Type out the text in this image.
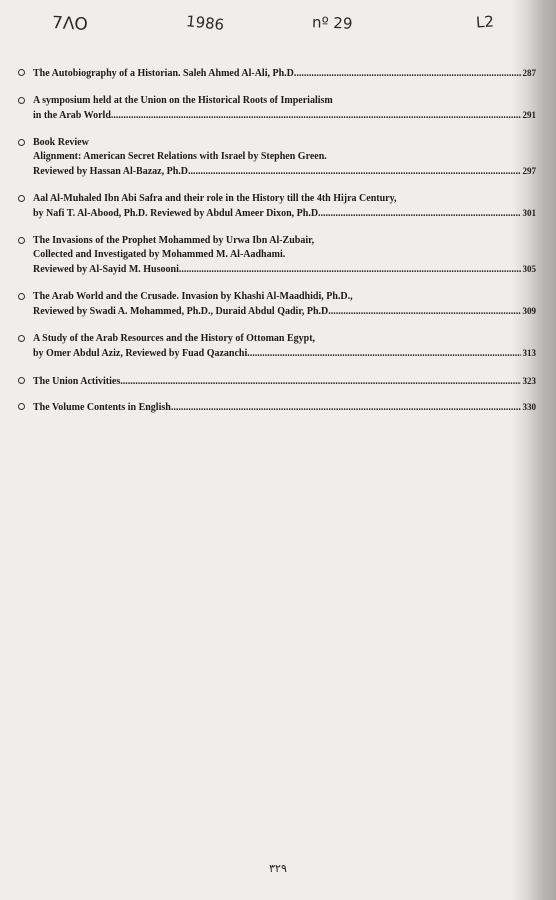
7ΛΟ	1986	nº 29	L2
The Autobiography of a Historian. Saleh Ahmed Al-Ali, Ph.D. .....	287
A symposium held at the Union on the Historical Roots of Imperialism
in the Arab World. .....	291
Book Review
Alignment: American Secret Relations with Israel by Stephen Green.
Reviewed by Hassan Al-Bazaz, Ph.D. .....	297
Aal Al-Muhaled Ibn Abi Safra and their role in the History till the 4th Hijra Century,
by Nafi T. Al-Abood, Ph.D. Reviewed by Abdul Ameer Dixon, Ph.D. .....	301
The Invasions of the Prophet Mohammed by Urwa Ibn Al-Zubair,
Collected and Investigated by Mohammed M. Al-Aadhami.
Reviewed by Al-Sayid M. Husooni. .....	305
The Arab World and the Crusade. Invasion by Khashi Al-Maadhidi, Ph.D.,
Reviewed by Swadi A. Mohammed, Ph.D., Duraid Abdul Qadir, Ph.D. .....	309
A Study of the Arab Resources and the History of Ottoman Egypt,
by Omer Abdul Aziz, Reviewed by Fuad Qazanchi. .....	313
The Union Activities. .....	323
The Volume Contents in English. .....	330
٣٢٩
